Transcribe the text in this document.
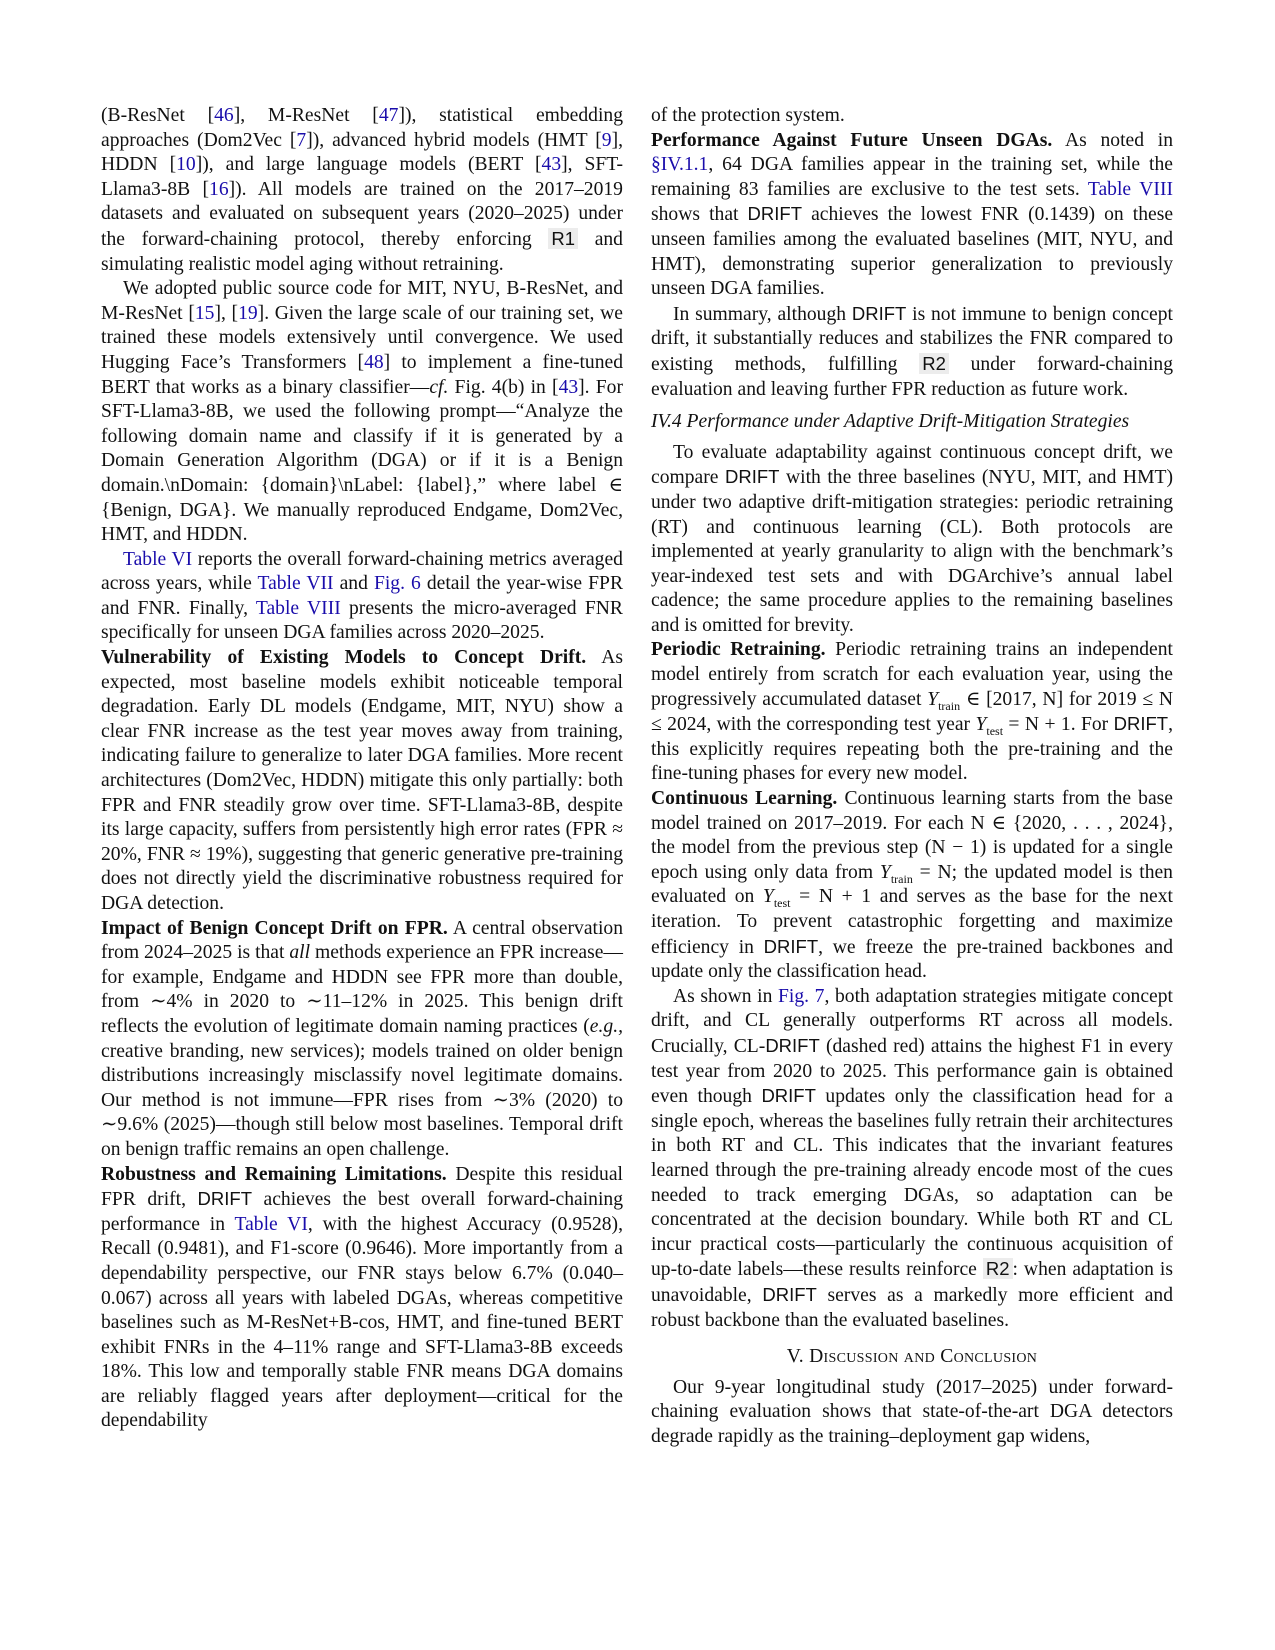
(B-ResNet [46], M-ResNet [47]), statistical embedding approaches (Dom2Vec [7]), advanced hybrid models (HMT [9], HDDN [10]), and large language models (BERT [43], SFT-Llama3-8B [16]). All models are trained on the 2017–2019 datasets and evaluated on subsequent years (2020–2025) under the forward-chaining protocol, thereby enforcing R1 and simulating realistic model aging without retraining.

We adopted public source code for MIT, NYU, B-ResNet, and M-ResNet [15], [19]. Given the large scale of our training set, we trained these models extensively until convergence. We used Hugging Face’s Transformers [48] to implement a fine-tuned BERT that works as a binary classifier—cf. Fig. 4(b) in [43]. For SFT-Llama3-8B, we used the following prompt—“Analyze the following domain name and classify if it is generated by a Domain Generation Algorithm (DGA) or if it is a Benign domain.\nDomain: {domain}\nLabel: {label},” where label ∈ {Benign, DGA}. We manually reproduced Endgame, Dom2Vec, HMT, and HDDN.

Table VI reports the overall forward-chaining metrics averaged across years, while Table VII and Fig. 6 detail the year-wise FPR and FNR. Finally, Table VIII presents the micro-averaged FNR specifically for unseen DGA families across 2020–2025.

Vulnerability of Existing Models to Concept Drift. As expected, most baseline models exhibit noticeable temporal degradation. Early DL models (Endgame, MIT, NYU) show a clear FNR increase as the test year moves away from training, indicating failure to generalize to later DGA families. More recent architectures (Dom2Vec, HDDN) mitigate this only partially: both FPR and FNR steadily grow over time. SFT-Llama3-8B, despite its large capacity, suffers from persistently high error rates (FPR ≈ 20%, FNR ≈ 19%), suggesting that generic generative pre-training does not directly yield the discriminative robustness required for DGA detection.

Impact of Benign Concept Drift on FPR. A central observation from 2024–2025 is that all methods experience an FPR increase—for example, Endgame and HDDN see FPR more than double, from ∼4% in 2020 to ∼11–12% in 2025. This benign drift reflects the evolution of legitimate domain naming practices (e.g., creative branding, new services); models trained on older benign distributions increasingly misclassify novel legitimate domains. Our method is not immune—FPR rises from ∼3% (2020) to ∼9.6% (2025)—though still below most baselines. Temporal drift on benign traffic remains an open challenge.

Robustness and Remaining Limitations. Despite this residual FPR drift, DRIFT achieves the best overall forward-chaining performance in Table VI, with the highest Accuracy (0.9528), Recall (0.9481), and F1-score (0.9646). More importantly from a dependability perspective, our FNR stays below 6.7% (0.040–0.067) across all years with labeled DGAs, whereas competitive baselines such as M-ResNet+B-cos, HMT, and fine-tuned BERT exhibit FNRs in the 4–11% range and SFT-Llama3-8B exceeds 18%. This low and temporally stable FNR means DGA domains are reliably flagged years after deployment—critical for the dependability

of the protection system.

Performance Against Future Unseen DGAs. As noted in §IV.1.1, 64 DGA families appear in the training set, while the remaining 83 families are exclusive to the test sets. Table VIII shows that DRIFT achieves the lowest FNR (0.1439) on these unseen families among the evaluated baselines (MIT, NYU, and HMT), demonstrating superior generalization to previously unseen DGA families.

In summary, although DRIFT is not immune to benign concept drift, it substantially reduces and stabilizes the FNR compared to existing methods, fulfilling R2 under forward-chaining evaluation and leaving further FPR reduction as future work.

IV.4 Performance under Adaptive Drift-Mitigation Strategies

To evaluate adaptability against continuous concept drift, we compare DRIFT with the three baselines (NYU, MIT, and HMT) under two adaptive drift-mitigation strategies: periodic retraining (RT) and continuous learning (CL). Both protocols are implemented at yearly granularity to align with the benchmark’s year-indexed test sets and with DGArchive’s annual label cadence; the same procedure applies to the remaining baselines and is omitted for brevity.

Periodic Retraining. Periodic retraining trains an independent model entirely from scratch for each evaluation year, using the progressively accumulated dataset $Y_{train}$ ∈ [2017, N] for 2019 ≤ N ≤ 2024, with the corresponding test year $Y_{test} = N + 1$. For DRIFT, this explicitly requires repeating both the pre-training and the fine-tuning phases for every new model.

Continuous Learning. Continuous learning starts from the base model trained on 2017–2019. For each N ∈ {2020, . . . , 2024}, the model from the previous step (N − 1) is updated for a single epoch using only data from $Y_{train} = N$; the updated model is then evaluated on $Y_{test} = N + 1$ and serves as the base for the next iteration. To prevent catastrophic forgetting and maximize efficiency in DRIFT, we freeze the pre-trained backbones and update only the classification head.

As shown in Fig. 7, both adaptation strategies mitigate concept drift, and CL generally outperforms RT across all models. Crucially, CL-DRIFT (dashed red) attains the highest F1 in every test year from 2020 to 2025. This performance gain is obtained even though DRIFT updates only the classification head for a single epoch, whereas the baselines fully retrain their architectures in both RT and CL. This indicates that the invariant features learned through the pre-training already encode most of the cues needed to track emerging DGAs, so adaptation can be concentrated at the decision boundary. While both RT and CL incur practical costs—particularly the continuous acquisition of up-to-date labels—these results reinforce R2 : when adaptation is unavoidable, DRIFT serves as a markedly more efficient and robust backbone than the evaluated baselines.

V. Discussion and Conclusion

Our 9-year longitudinal study (2017–2025) under forward-chaining evaluation shows that state-of-the-art DGA detectors degrade rapidly as the training–deployment gap widens,
